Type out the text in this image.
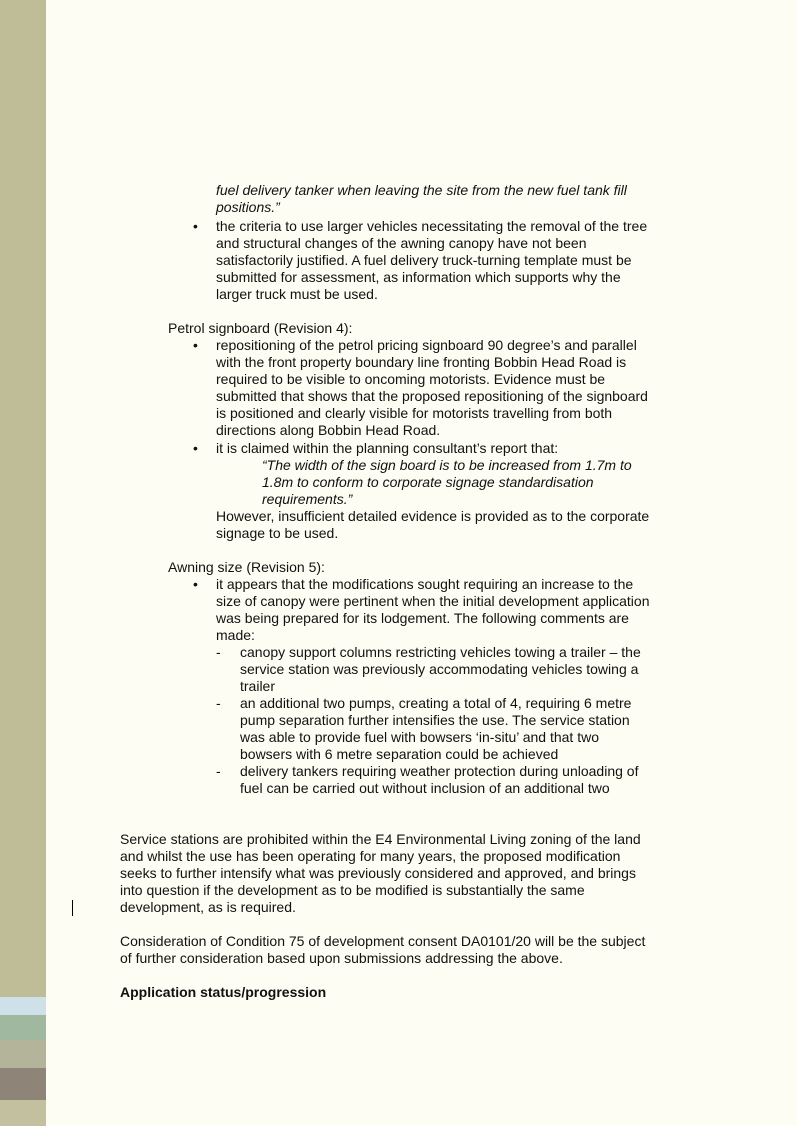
fuel delivery tanker when leaving the site from the new fuel tank fill
positions.”
• the criteria to use larger vehicles necessitating the removal of the tree
and structural changes of the awning canopy have not been
satisfactorily justified. A fuel delivery truck-turning template must be
submitted for assessment, as information which supports why the
larger truck must be used.
Petrol signboard (Revision 4):
• repositioning of the petrol pricing signboard 90 degree’s and parallel
with the front property boundary line fronting Bobbin Head Road is
required to be visible to oncoming motorists. Evidence must be
submitted that shows that the proposed repositioning of the signboard
is positioned and clearly visible for motorists travelling from both
directions along Bobbin Head Road.
• it is claimed within the planning consultant’s report that:
“The width of the sign board is to be increased from 1.7m to
1.8m to conform to corporate signage standardisation
requirements.”
However, insufficient detailed evidence is provided as to the corporate
signage to be used.
Awning size (Revision 5):
• it appears that the modifications sought requiring an increase to the
size of canopy were pertinent when the initial development application
was being prepared for its lodgement. The following comments are
made:
- canopy support columns restricting vehicles towing a trailer – the
service station was previously accommodating vehicles towing a
trailer
- an additional two pumps, creating a total of 4, requiring 6 metre
pump separation further intensifies the use. The service station
was able to provide fuel with bowsers ‘in-situ’ and that two
bowsers with 6 metre separation could be achieved
- delivery tankers requiring weather protection during unloading of
fuel can be carried out without inclusion of an additional two
Service stations are prohibited within the E4 Environmental Living zoning of the land
and whilst the use has been operating for many years, the proposed modification
seeks to further intensify what was previously considered and approved, and brings
into question if the development as to be modified is substantially the same
development, as is required.
Consideration of Condition 75 of development consent DA0101/20 will be the subject
of further consideration based upon submissions addressing the above.
Application status/progression
